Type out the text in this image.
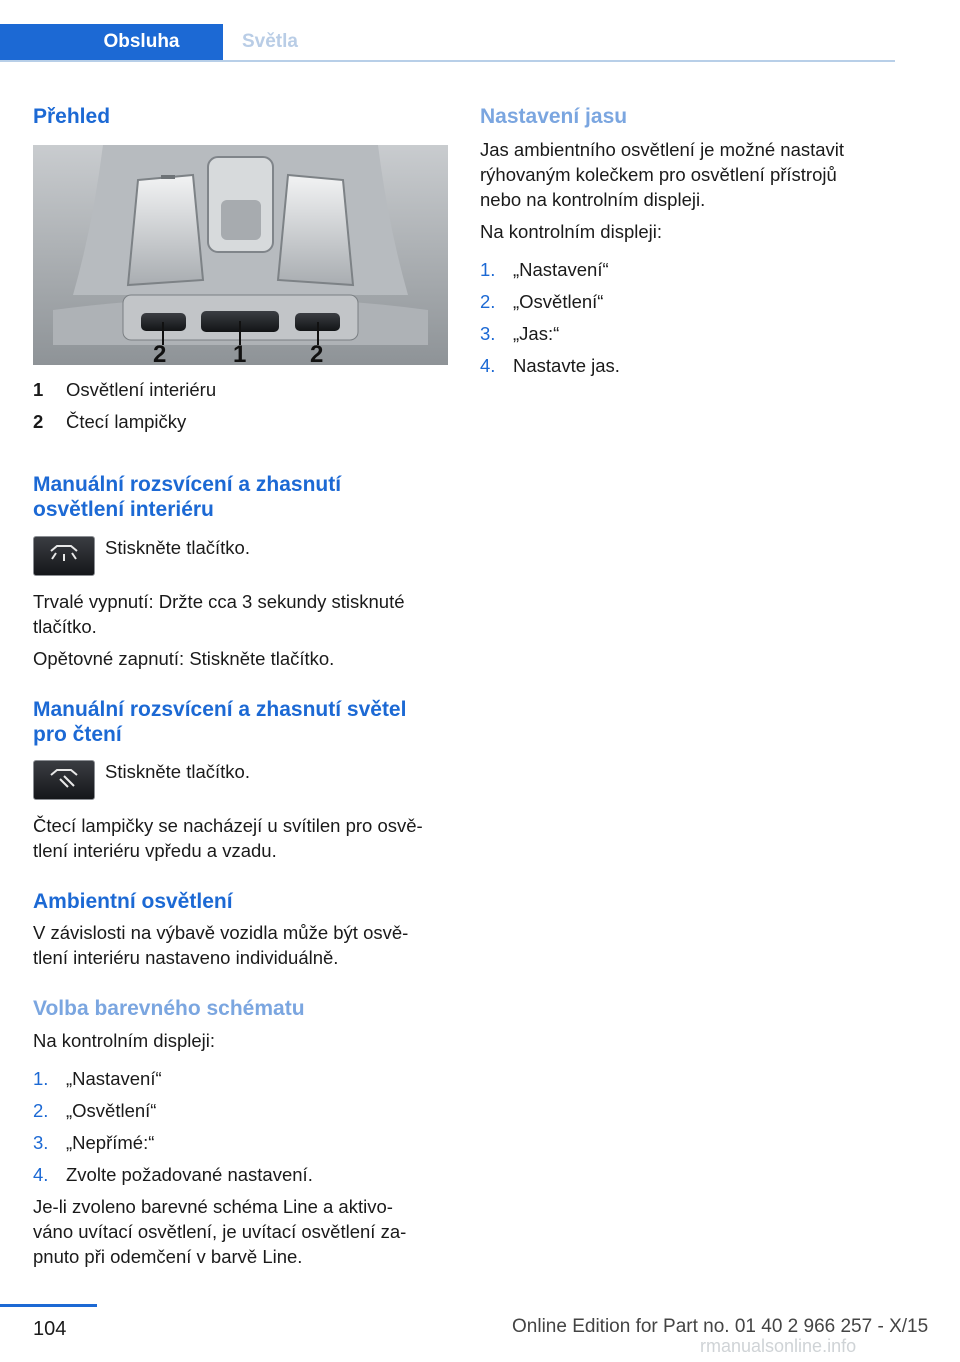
Obsluha	Světla
Přehled
2	1	2
1 Osvětlení interiéru
2 Čtecí lampičky
Manuální rozsvícení a zhasnutí
osvětlení interiéru

Stiskněte tlačítko.

Trvalé vypnutí: Držte cca 3 sekundy stisknuté
tlačítko.

Opětovné zapnutí: Stiskněte tlačítko.

Manuální rozsvícení a zhasnutí světel
pro čtení

Stiskněte tlačítko.

Čtecí lampičky se nacházejí u svítilen pro osvě‐
tlení interiéru vpředu a vzadu.

Ambientní osvětlení

V závislosti na výbavě vozidla může být osvě‐
tlení interiéru nastaveno individuálně.

Volba barevného schématu

Na kontrolním displeji:

1. „Nastavení“
2. „Osvětlení“
3. „Nepřímé:“
4. Zvolte požadované nastavení.

Je-li zvoleno barevné schéma Line a aktivo‐
váno uvítací osvětlení, je uvítací osvětlení za‐
pnuto při odemčení v barvě Line.

Nastavení jasu

Jas ambientního osvětlení je možné nastavit
rýhovaným kolečkem pro osvětlení přístrojů
nebo na kontrolním displeji.

Na kontrolním displeji:

1. „Nastavení“
2. „Osvětlení“
3. „Jas:“
4. Nastavte jas.
104	Online Edition for Part no. 01 40 2 966 257 - X/15
rmanualsonline.info
